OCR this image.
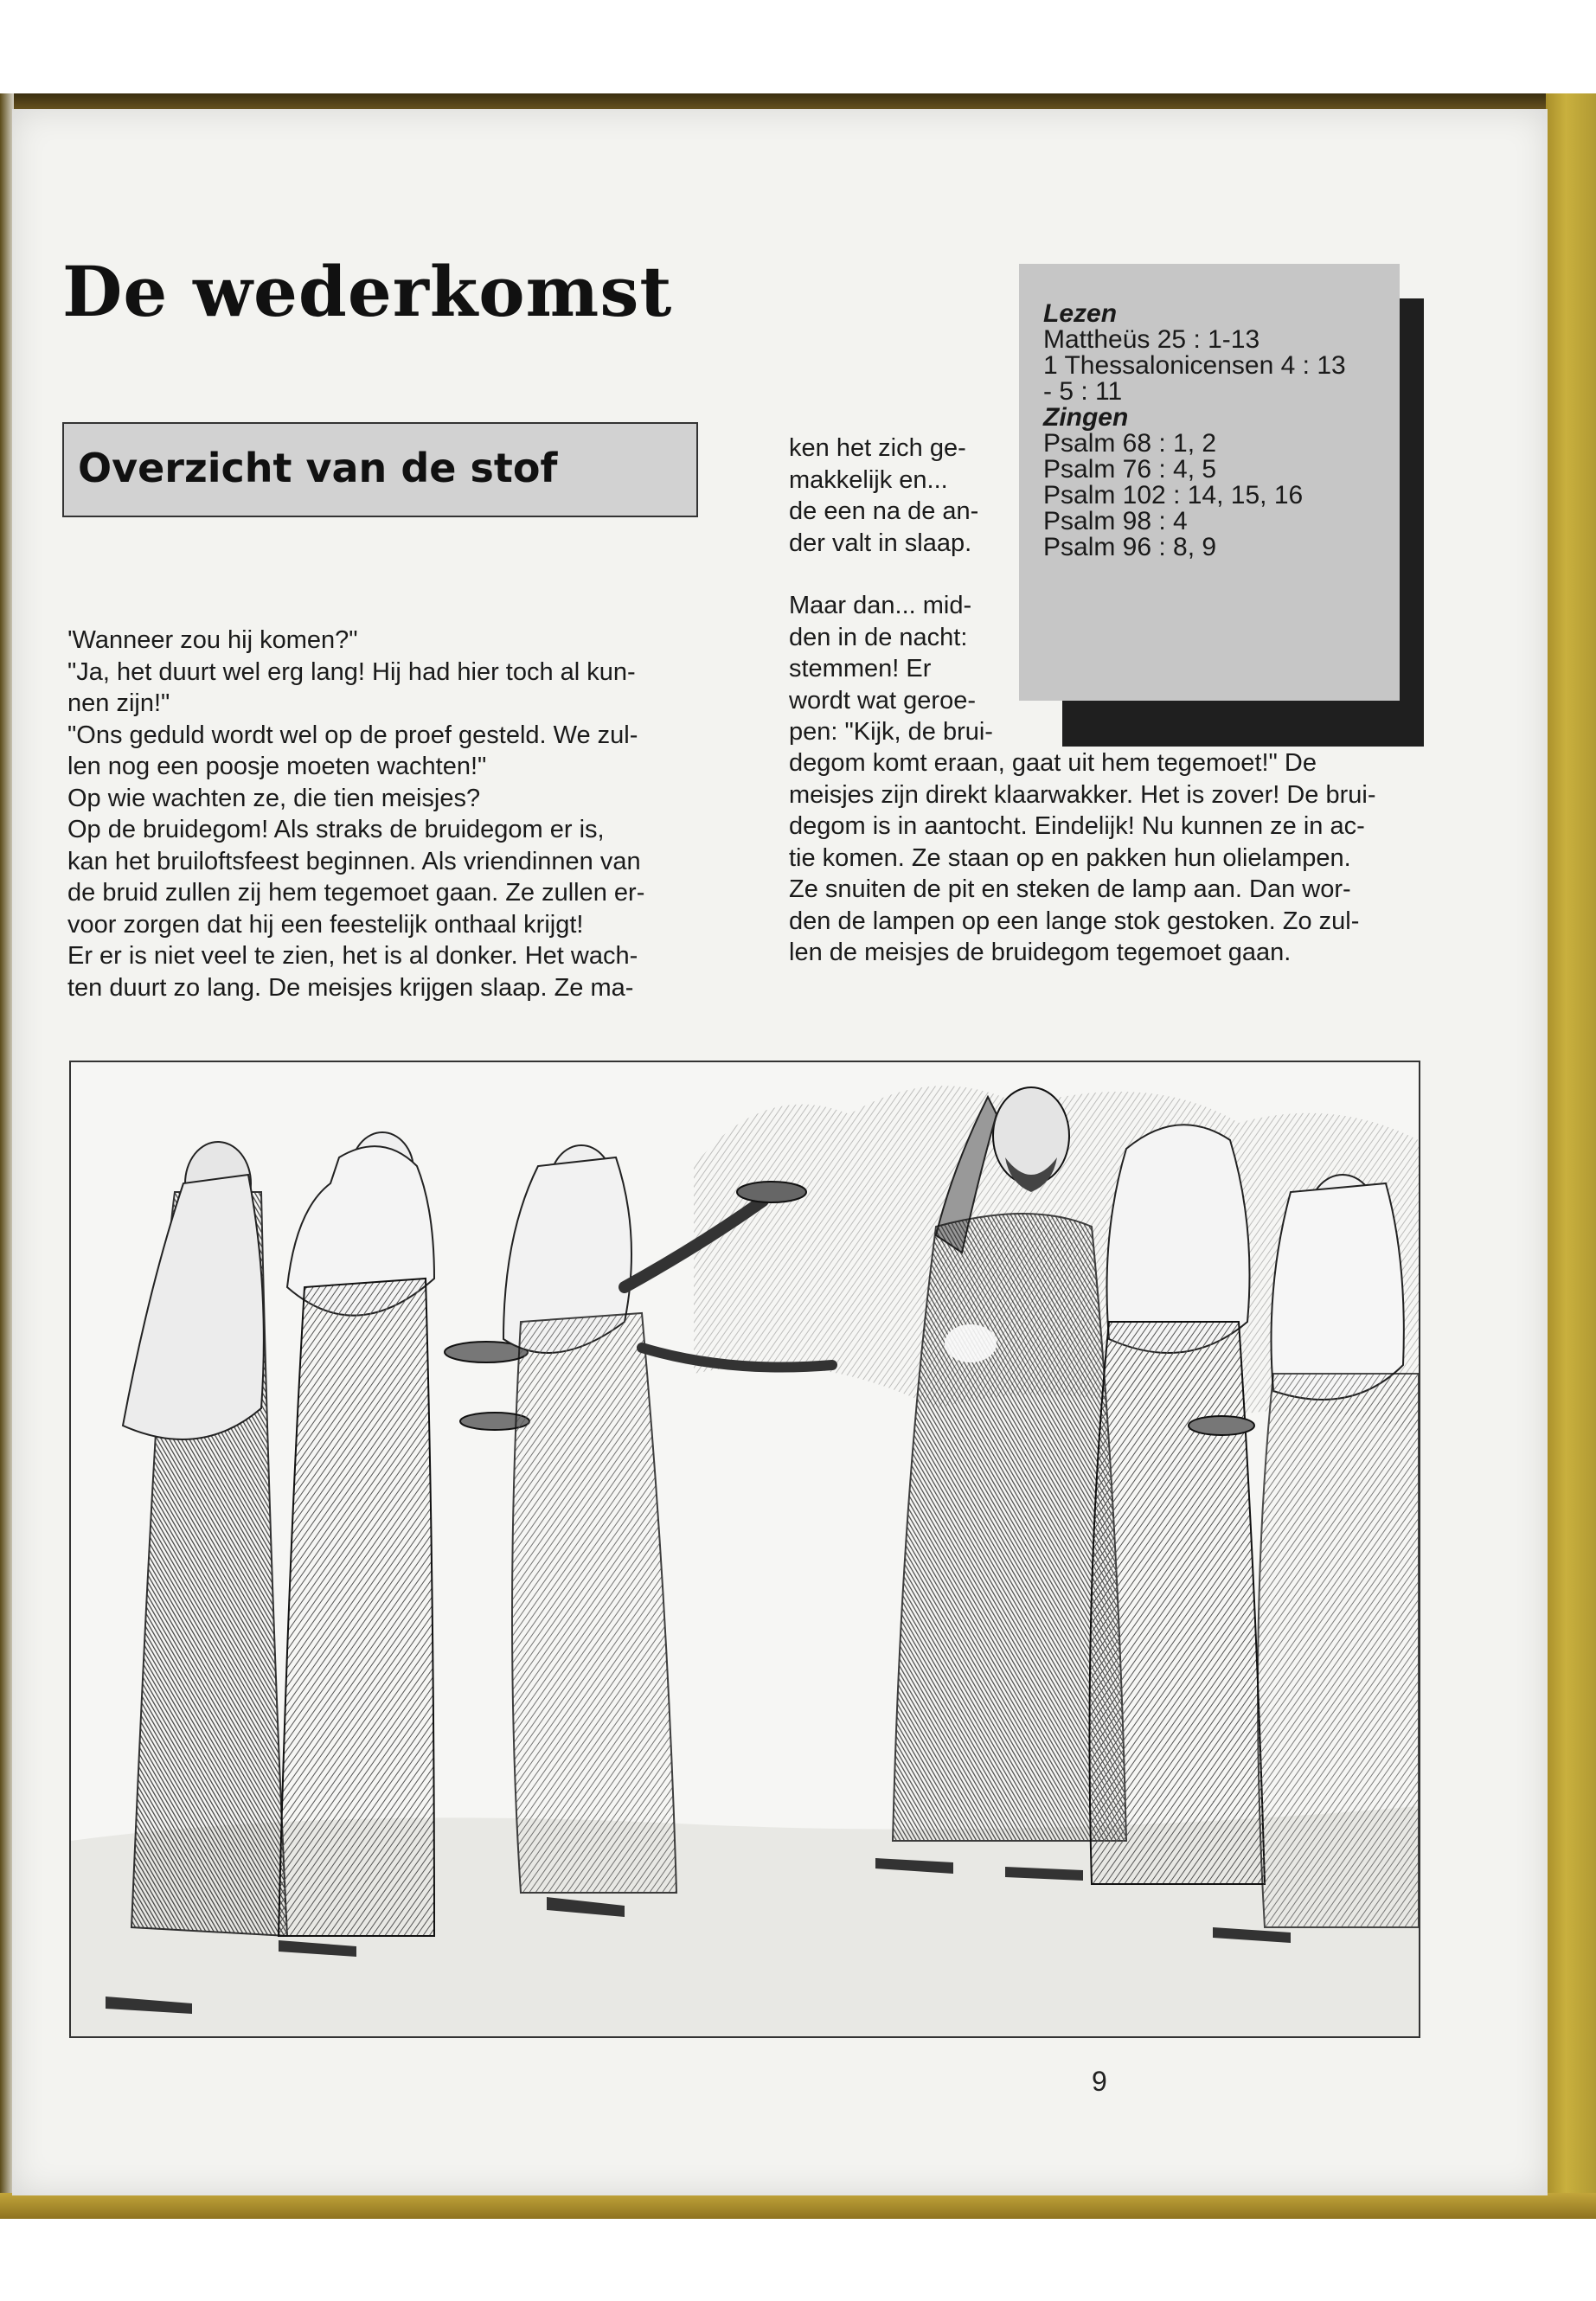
De wederkomst
Overzicht van de stof
'Wanneer zou hij komen?"
"Ja, het duurt wel erg lang! Hij had hier toch al kun-
nen zijn!"
"Ons geduld wordt wel op de proef gesteld. We zul-
len nog een poosje moeten wachten!"
Op wie wachten ze, die tien meisjes?
Op de bruidegom! Als straks de bruidegom er is,
kan het bruiloftsfeest beginnen. Als vriendinnen van
de bruid zullen zij hem tegemoet gaan. Ze zullen er-
voor zorgen dat hij een feestelijk onthaal krijgt!
Er er is niet veel te zien, het is al donker. Het wach-
ten duurt zo lang. De meisjes krijgen slaap. Ze ma-
ken het zich ge-
makkelijk en...
de een na de an-
der valt in slaap.
Maar dan... mid-
den in de nacht:
stemmen! Er
wordt wat geroe-
pen: "Kijk, de brui-
degom komt eraan, gaat uit hem tegemoet!" De
meisjes zijn direkt klaarwakker. Het is zover! De brui-
degom is in aantocht. Eindelijk! Nu kunnen ze in ac-
tie komen. Ze staan op en pakken hun olielampen.
Ze snuiten de pit en steken de lamp aan. Dan wor-
den de lampen op een lange stok gestoken. Zo zul-
len de meisjes de bruidegom tegemoet gaan.
Lezen
Mattheüs 25 : 1-13
1 Thessalonicensen 4 : 13
- 5 : 11
Zingen
Psalm 68 : 1, 2
Psalm 76 : 4, 5
Psalm 102 : 14, 15, 16
Psalm 98 : 4
Psalm 96 : 8, 9
9
